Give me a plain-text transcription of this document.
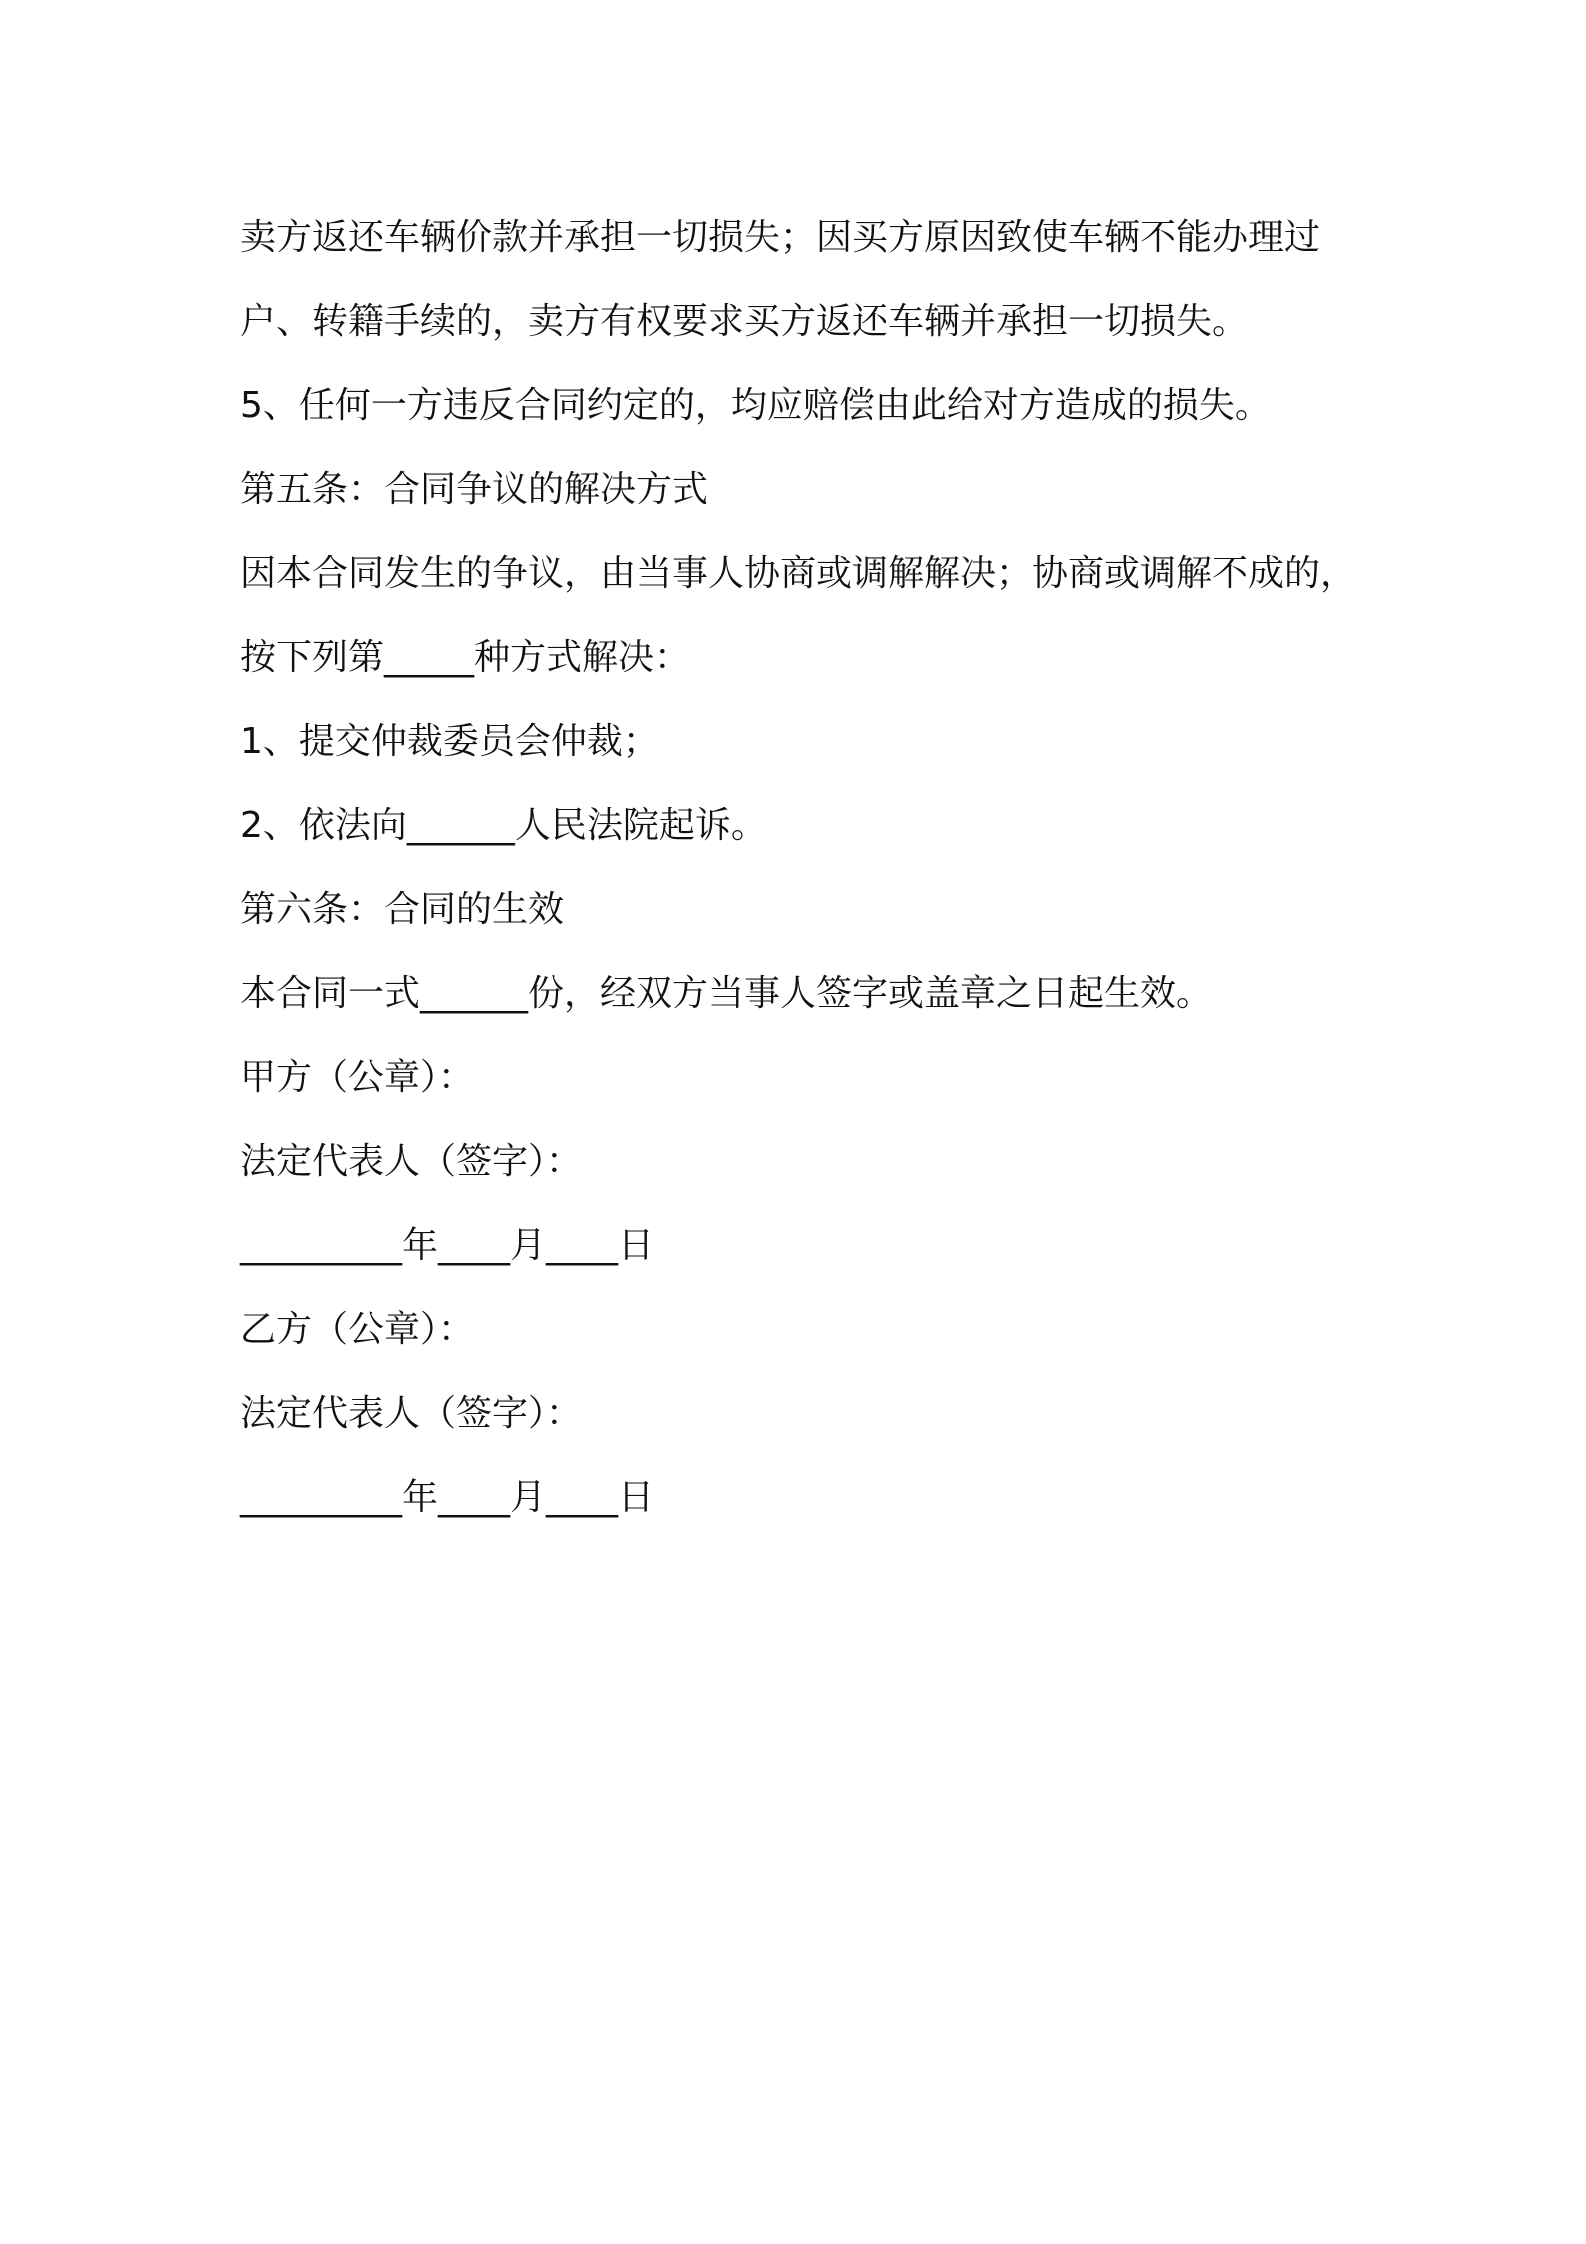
卖方返还车辆价款并承担一切损失；因买方原因致使车辆不能办理过
户、转籍手续的，卖方有权要求买方返还车辆并承担一切损失。
5、任何一方违反合同约定的，均应赔偿由此给对方造成的损失。
第五条：合同争议的解决方式
因本合同发生的争议，由当事人协商或调解解决；协商或调解不成的，
按下列第_____种方式解决：
1、提交仲裁委员会仲裁；
2、依法向______人民法院起诉。
第六条：合同的生效
本合同一式______份，经双方当事人签字或盖章之日起生效。
甲方（公章）：
法定代表人（签字）：
_________年____月____日
乙方（公章）：
法定代表人（签字）：
_________年____月____日
